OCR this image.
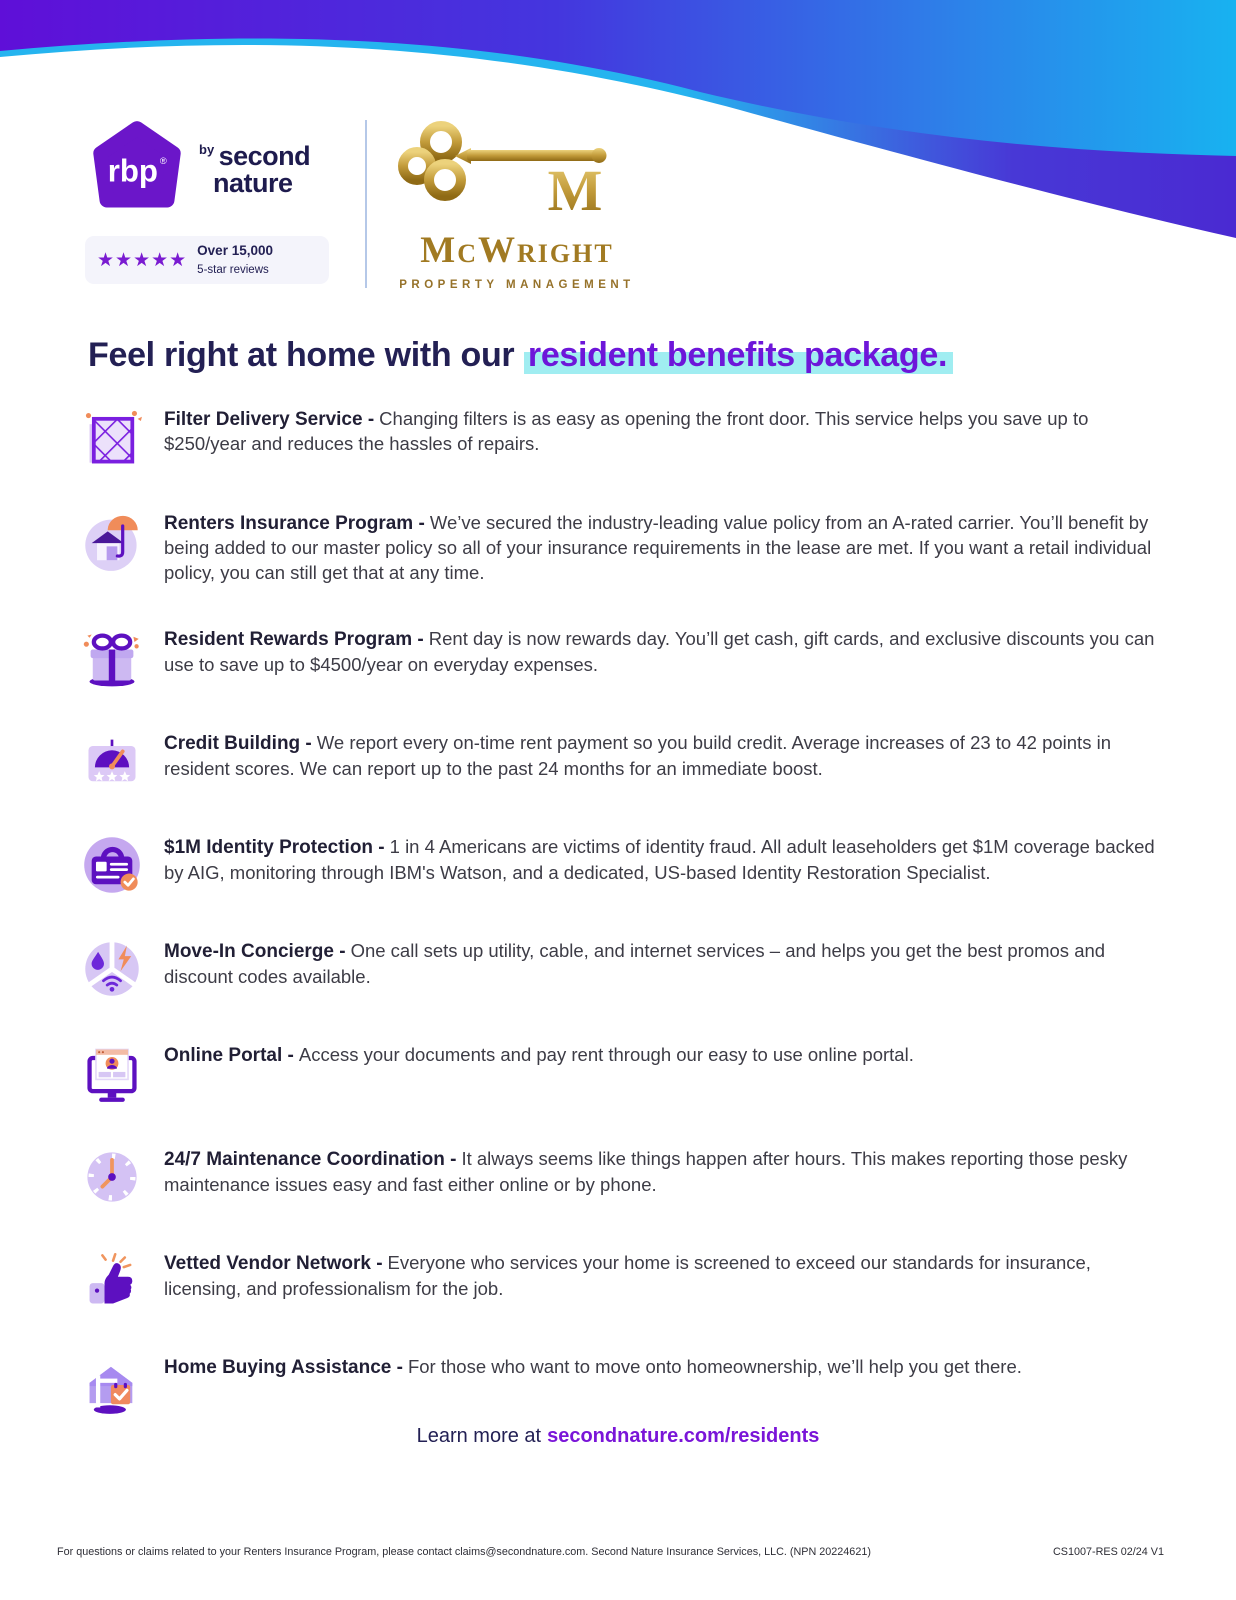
rbp ®
$^{by}$ second
nature
★★★★★ Over 15,000
5-star reviews
M
McWright
PROPERTY MANAGEMENT
Feel right at home with our resident benefits package.

Filter Delivery Service - Changing filters is as easy as opening the front door. This service helps you save up to $250/year and reduces the hassles of repairs.

Renters Insurance Program - We’ve secured the industry-leading value policy from an A-rated carrier. You’ll benefit by being added to our master policy so all of your insurance requirements in the lease are met. If you want a retail individual policy, you can still get that at any time.

Resident Rewards Program - Rent day is now rewards day. You’ll get cash, gift cards, and exclusive discounts you can use to save up to $4500/year on everyday expenses.

Credit Building - We report every on-time rent payment so you build credit. Average increases of 23 to 42 points in resident scores. We can report up to the past 24 months for an immediate boost.

$1M Identity Protection - 1 in 4 Americans are victims of identity fraud. All adult leaseholders get $1M coverage backed by AIG, monitoring through IBM's Watson, and a dedicated, US-based Identity Restoration Specialist.

Move-In Concierge - One call sets up utility, cable, and internet services – and helps you get the best promos and discount codes available.

Online Portal - Access your documents and pay rent through our easy to use online portal.

24/7 Maintenance Coordination - It always seems like things happen after hours. This makes reporting those pesky maintenance issues easy and fast either online or by phone.

Vetted Vendor Network - Everyone who services your home is screened to exceed our standards for insurance, licensing, and professionalism for the job.

Home Buying Assistance - For those who want to move onto homeownership, we’ll help you get there.

Learn more at secondnature.com/residents
For questions or claims related to your Renters Insurance Program, please contact claims@secondnature.com. Second Nature Insurance Services, LLC. (NPN 20224621)	CS1007-RES 02/24 V1
